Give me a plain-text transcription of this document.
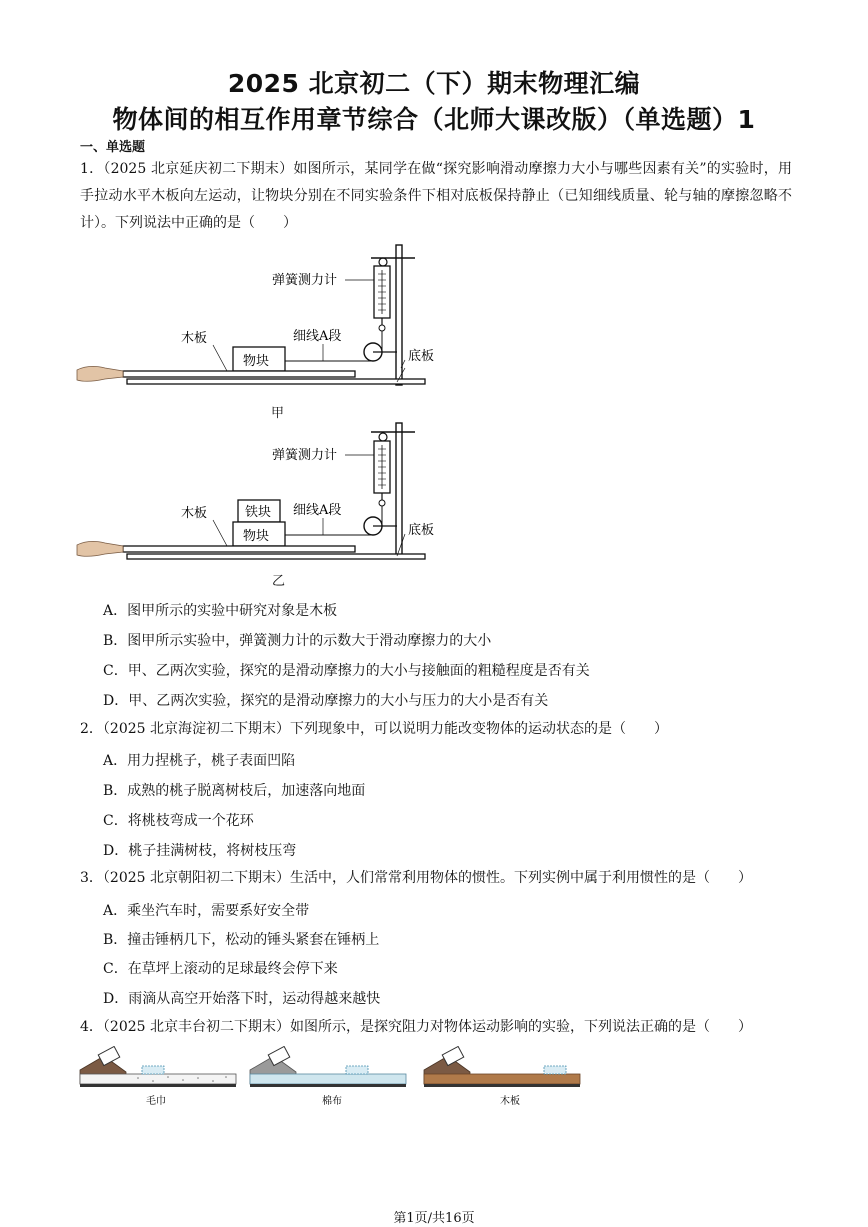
2025 北京初二（下）期末物理汇编
物体间的相互作用章节综合（北师大课改版）（单选题）1
一、单选题
1．（2025 北京延庆初二下期末）如图所示，某同学在做“探究影响滑动摩擦力大小与哪些因素有关”的实验时，用手拉动水平木板向左运动，让物块分别在不同实验条件下相对底板保持静止（已知细线质量、轮与轴的摩擦忽略不计）。下列说法中正确的是（　　）
弹簧测力计
木板	细线A段
物块	底板
甲
弹簧测力计
木板	细线A段
铁块
物块	底板
乙
A．图甲所示的实验中研究对象是木板
B．图甲所示实验中，弹簧测力计的示数大于滑动摩擦力的大小
C．甲、乙两次实验，探究的是滑动摩擦力的大小与接触面的粗糙程度是否有关
D．甲、乙两次实验，探究的是滑动摩擦力的大小与压力的大小是否有关
2．（2025 北京海淀初二下期末）下列现象中，可以说明力能改变物体的运动状态的是（　　）
A．用力捏桃子，桃子表面凹陷
B．成熟的桃子脱离树枝后，加速落向地面
C．将桃枝弯成一个花环
D．桃子挂满树枝，将树枝压弯
3．（2025 北京朝阳初二下期末）生活中，人们常常利用物体的惯性。下列实例中属于利用惯性的是（　　）
A．乘坐汽车时，需要系好安全带
B．撞击锤柄几下，松动的锤头紧套在锤柄上
C．在草坪上滚动的足球最终会停下来
D．雨滴从高空开始落下时，运动得越来越快
4．（2025 北京丰台初二下期末）如图所示，是探究阻力对物体运动影响的实验，下列说法正确的是（　　）
毛巾	棉布	木板
第1页/共16页
